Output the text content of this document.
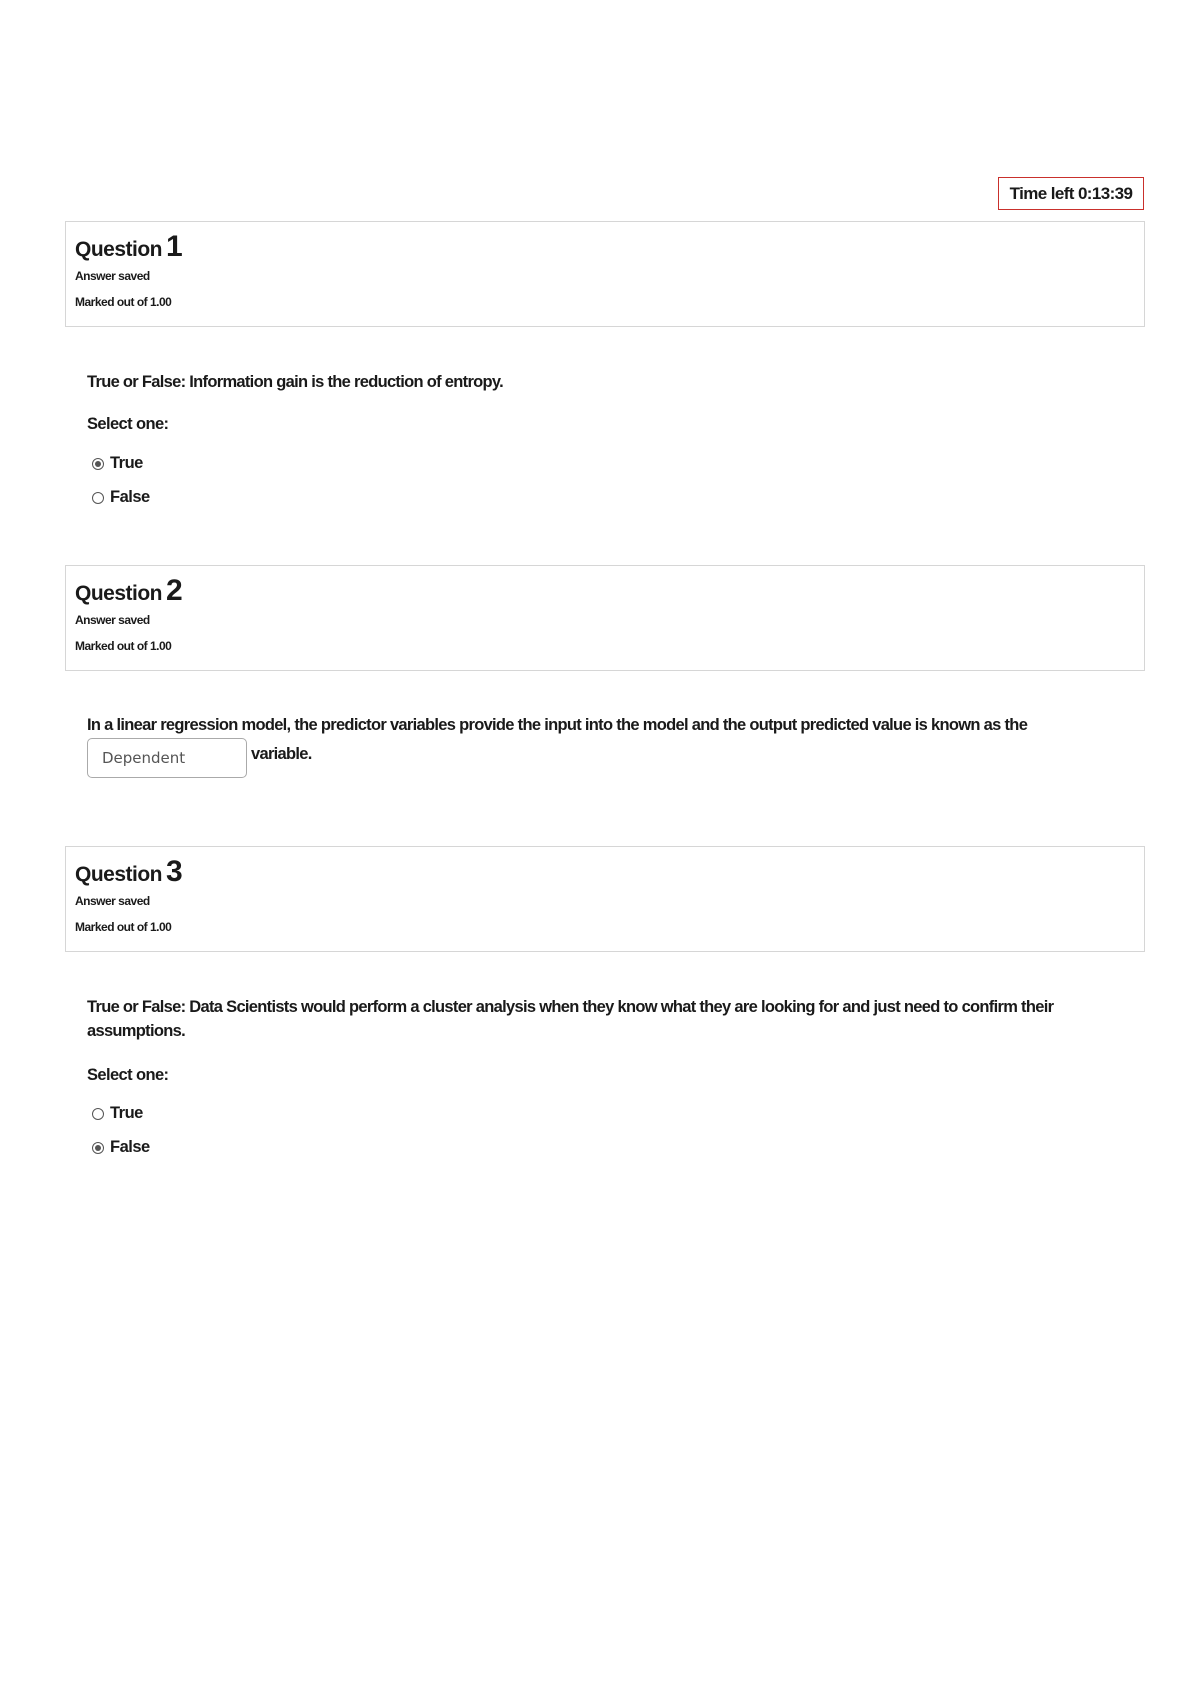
Time left 0:13:39
Question 1
Answer saved
Marked out of 1.00
True or False: Information gain is the reduction of entropy.
Select one:
True
False
Question 2
Answer saved
Marked out of 1.00
In a linear regression model, the predictor variables provide the input into the model and the output predicted value is known as the
Dependent
variable.
Question 3
Answer saved
Marked out of 1.00
True or False: Data Scientists would perform a cluster analysis when they know what they are looking for and just need to confirm their assumptions.
Select one:
True
False
